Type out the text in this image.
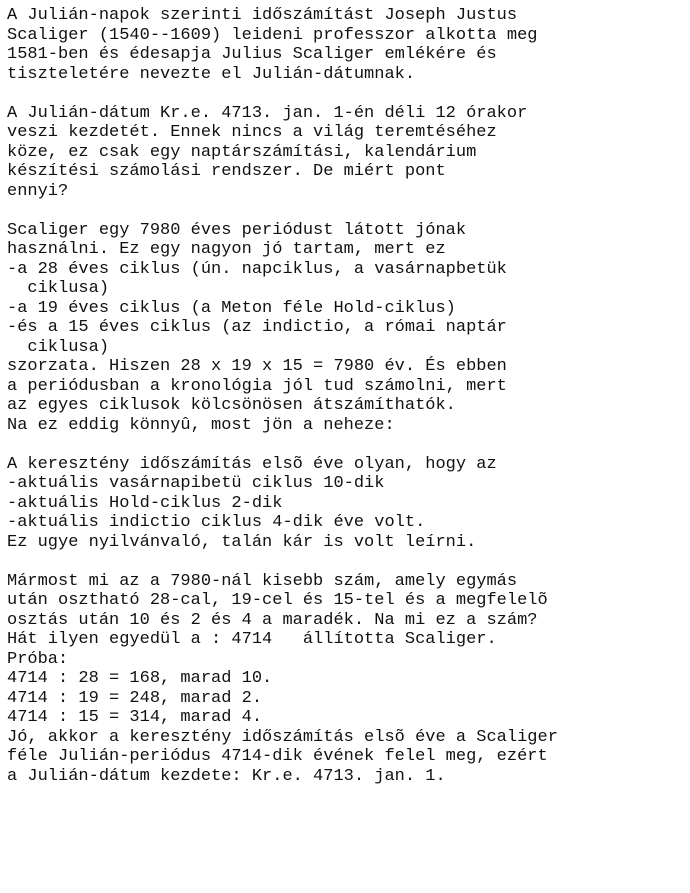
A Julián-napok szerinti időszámítást Joseph Justus
Scaliger (1540--1609) leideni professzor alkotta meg
1581-ben és édesapja Julius Scaliger emlékére és
tiszteletére nevezte el Julián-dátumnak.
A Julián-dátum Kr.e. 4713. jan. 1-én déli 12 órakor
veszi kezdetét. Ennek nincs a világ teremtéséhez
köze, ez csak egy naptárszámítási, kalendárium
készítési számolási rendszer. De miért pont
ennyi?
Scaliger egy 7980 éves periódust látott jónak
használni. Ez egy nagyon jó tartam, mert ez
-a 28 éves ciklus (ún. napciklus, a vasárnapbetük
ciklusa)
-a 19 éves ciklus (a Meton féle Hold-ciklus)
-és a 15 éves ciklus (az indictio, a római naptár
ciklusa)
szorzata. Hiszen 28 x 19 x 15 = 7980 év. És ebben
a periódusban a kronológia jól tud számolni, mert
az egyes ciklusok kölcsönösen átszámíthatók.
Na ez eddig könnyû, most jön a neheze:
A keresztény időszámítás elsõ éve olyan, hogy az
-aktuális vasárnapibetü ciklus 10-dik
-aktuális Hold-ciklus 2-dik
-aktuális indictio ciklus 4-dik éve volt.
Ez ugye nyilvánvaló, talán kár is volt leírni.
Mármost mi az a 7980-nál kisebb szám, amely egymás
után osztható 28-cal, 19-cel és 15-tel és a megfelelõ
osztás után 10 és 2 és 4 a maradék. Na mi ez a szám?
Hát ilyen egyedül a : 4714   állította Scaliger.
Próba:
4714 : 28 = 168, marad 10.
4714 : 19 = 248, marad 2.
4714 : 15 = 314, marad 4.
Jó, akkor a keresztény időszámítás elsõ éve a Scaliger
féle Julián-periódus 4714-dik évének felel meg, ezért
a Julián-dátum kezdete: Kr.e. 4713. jan. 1.
